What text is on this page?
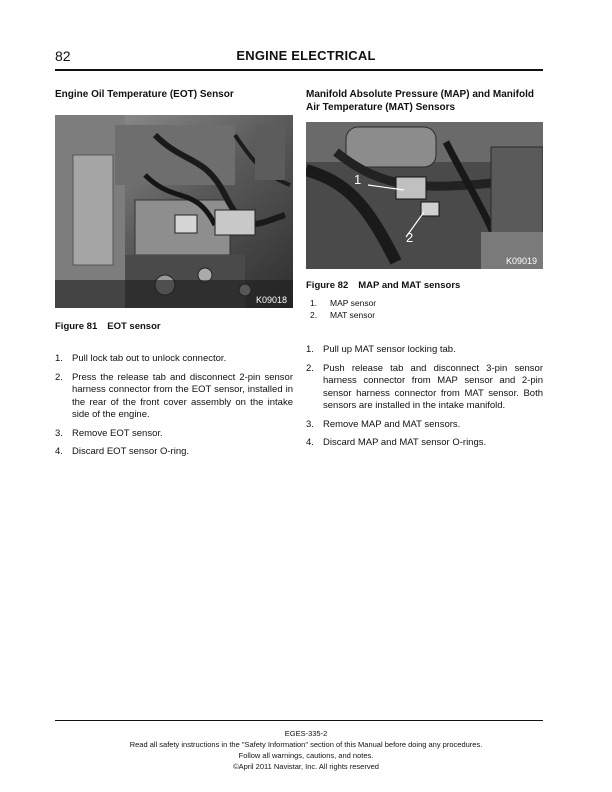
82	ENGINE ELECTRICAL
Engine Oil Temperature (EOT) Sensor
K09018
Figure 81 EOT sensor
1. Pull lock tab out to unlock connector.
2. Press the release tab and disconnect 2-pin sensor harness connector from the EOT sensor, installed in the rear of the front cover assembly on the intake side of the engine.
3. Remove EOT sensor.
4. Discard EOT sensor O-ring.
Manifold Absolute Pressure (MAP) and Manifold Air Temperature (MAT) Sensors
1
2
K09019
Figure 82 MAP and MAT sensors
1.	MAP sensor
2.	MAT sensor
1. Pull up MAT sensor locking tab.
2. Push release tab and disconnect 3-pin sensor harness connector from MAP sensor and 2-pin sensor harness connector from MAT sensor. Both sensors are installed in the intake manifold.
3. Remove MAP and MAT sensors.
4. Discard MAP and MAT sensor O-rings.
EGES-335-2
Read all safety instructions in the "Safety Information" section of this Manual before doing any procedures.
Follow all warnings, cautions, and notes.
©April 2011 Navistar, Inc. All rights reserved
